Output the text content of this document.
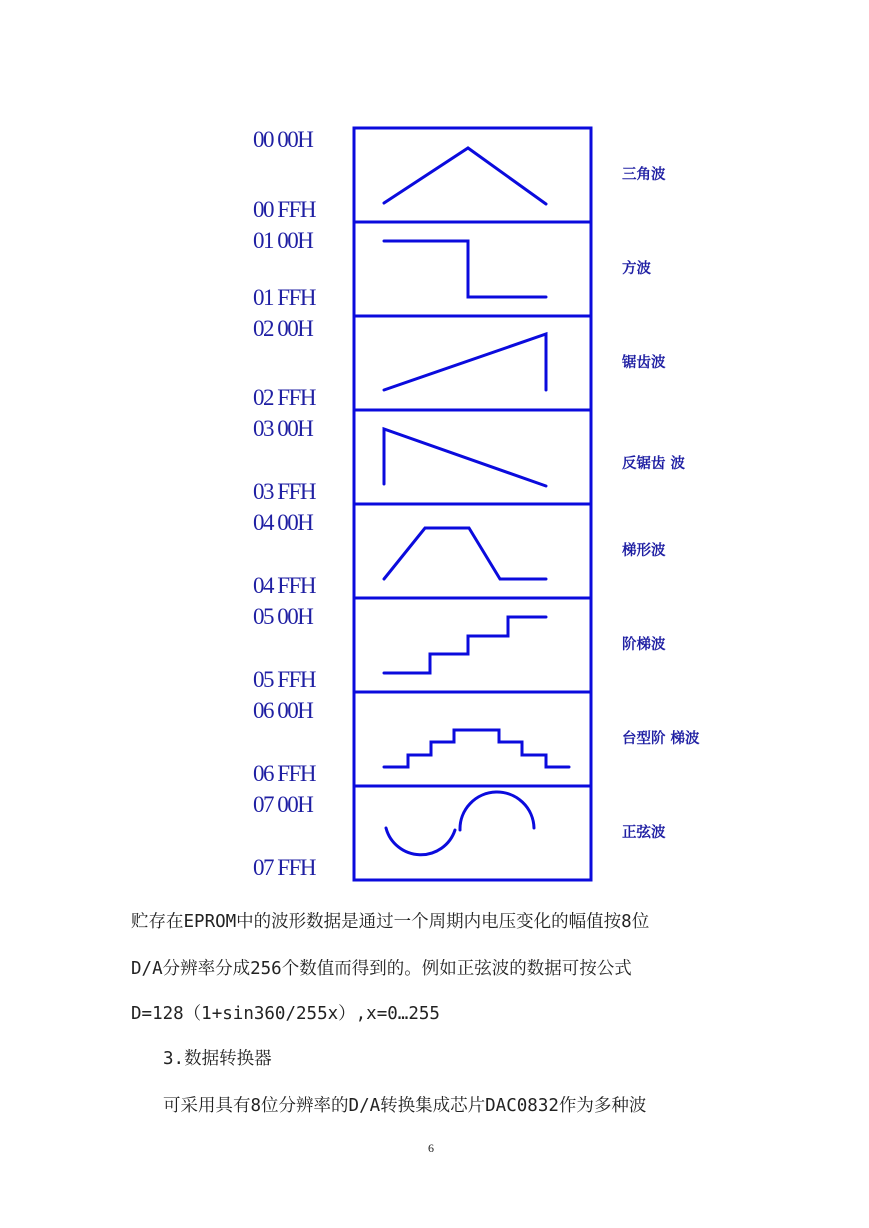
00 00H
00 FFH
01 00H
01 FFH
02 00H
02 FFH
03 00H
03 FFH
04 00H
04 FFH
05 00H
05 FFH
06 00H
06 FFH
07 00H
07 FFH
三角波
方波
锯齿波
反锯齿 波
梯形波
阶梯波
台型阶 梯波
正弦波
贮存在EPROM中的波形数据是通过一个周期内电压变化的幅值按8位
D/A分辨率分成256个数值而得到的。例如正弦波的数据可按公式
D=128（1+sin360/255x）,x=0…255
3.数据转换器
可采用具有8位分辨率的D/A转换集成芯片DAC0832作为多种波
6
